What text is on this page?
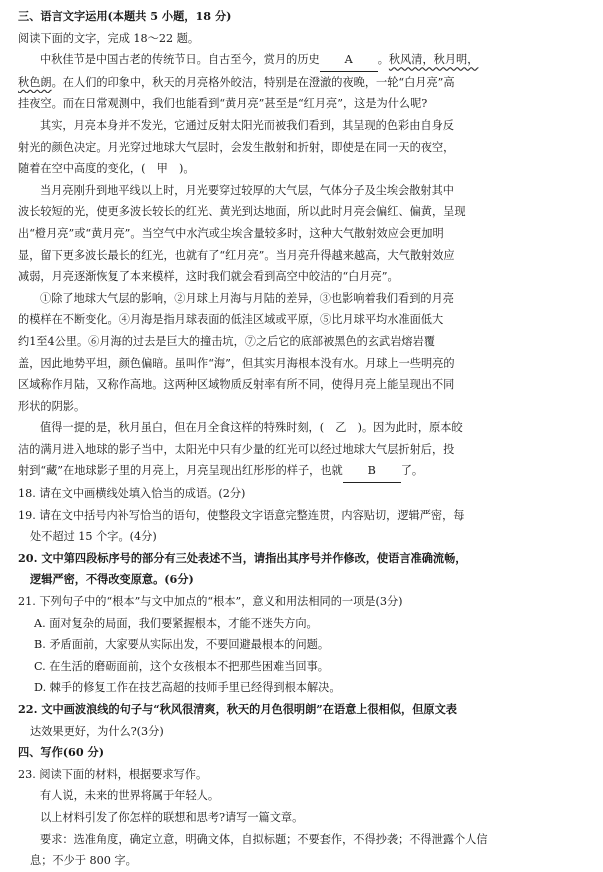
三、语言文字运用(本题共 5 小题，18 分)

阅读下面的文字，完成 18～22 题。

中秋佳节是中国古老的传统节日。自古至今，赏月的历史 A 。秋风清，秋月明，

秋色朗。在人们的印象中，秋天的月亮格外皎洁，特别是在澄澈的夜晚，一轮“白月亮”高

挂夜空。而在日常观测中，我们也能看到“黄月亮”甚至是“红月亮”，这是为什么呢?

其实，月亮本身并不发光，它通过反射太阳光而被我们看到，其呈现的色彩由自身反

射光的颜色决定。月光穿过地球大气层时，会发生散射和折射，即使是在同一天的夜空，

随着在空中高度的变化，(　甲　)。

当月亮刚升到地平线以上时，月光要穿过较厚的大气层，气体分子及尘埃会散射其中

波长较短的光，使更多波长较长的红光、黄光到达地面，所以此时月亮会偏红、偏黄，呈现

出“橙月亮”或“黄月亮”。当空气中水汽或尘埃含量较多时，这种大气散射效应会更加明

显，留下更多波长最长的红光，也就有了“红月亮”。当月亮升得越来越高，大气散射效应

减弱，月亮逐渐恢复了本来模样，这时我们就会看到高空中皎洁的“白月亮”。

①除了地球大气层的影响，②月球上月海与月陆的差异，③也影响着我们看到的月亮

的模样在不断变化。④月海是指月球表面的低洼区域或平原，⑤比月球平均水准面低大

约1至4公里。⑥月海的过去是巨大的撞击坑，⑦之后它的底部被黑色的玄武岩熔岩覆

盖，因此地势平坦，颜色偏暗。虽叫作“海”，但其实月海根本没有水。月球上一些明亮的

区域称作月陆，又称作高地。这两种区域物质反射率有所不同，使得月亮上能呈现出不同

形状的阴影。

值得一提的是，秋月虽白，但在月全食这样的特殊时刻，(　乙　)。因为此时，原本皎

洁的满月进入地球的影子当中，太阳光中只有少量的红光可以经过地球大气层折射后，投

射到“藏”在地球影子里的月亮上，月亮呈现出红彤彤的样子，也就 B 了。

18. 请在文中画横线处填入恰当的成语。(2分)

19. 请在文中括号内补写恰当的语句，使整段文字语意完整连贯，内容贴切，逻辑严密，每

处不超过 15 个字。(4分)

20. 文中第四段标序号的部分有三处表述不当，请指出其序号并作修改，使语言准确流畅，

逻辑严密，不得改变原意。(6分)

21. 下列句子中的“根本”与文中加点的“根本”，意义和用法相同的一项是(3分)

A. 面对复杂的局面，我们要紧握根本，才能不迷失方向。

B. 矛盾面前，大家要从实际出发，不要回避最根本的问题。

C. 在生活的磨砺面前，这个女孩根本不把那些困难当回事。

D. 棘手的修复工作在技艺高超的技师手里已经得到根本解决。

22. 文中画波浪线的句子与“秋风很清爽，秋天的月色很明朗”在语意上很相似，但原文表

达效果更好，为什么?(3分)

四、写作(60 分)

23. 阅读下面的材料，根据要求写作。

有人说，未来的世界将属于年轻人。

以上材料引发了你怎样的联想和思考?请写一篇文章。

要求：选准角度，确定立意，明确文体，自拟标题；不要套作，不得抄袭；不得泄露个人信

息；不少于 800 字。
